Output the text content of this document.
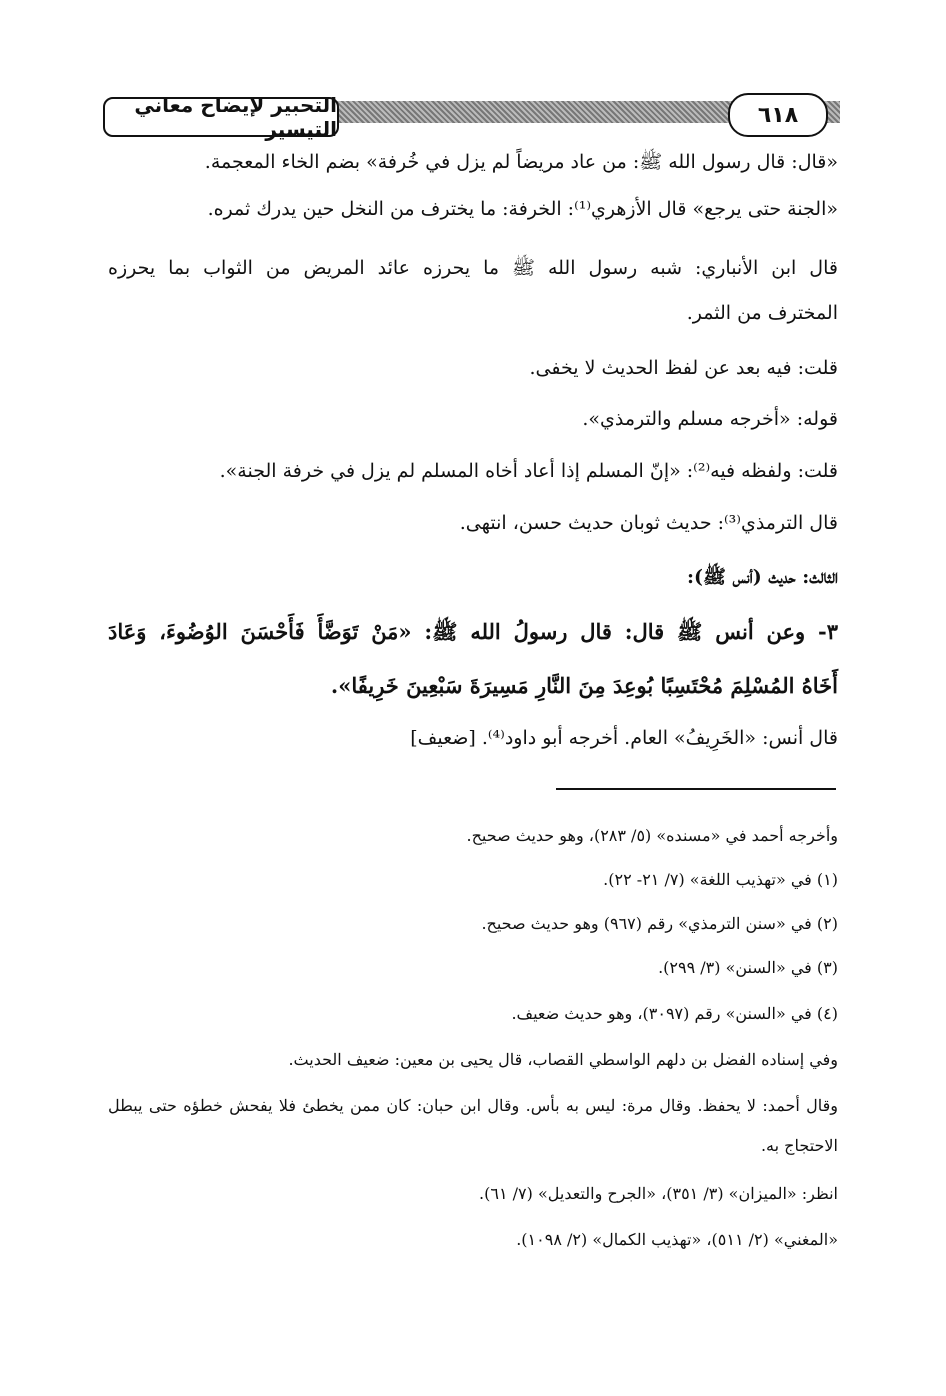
التحبير لإيضاح معاني التيسير
٦١٨
«قال: قال رسول الله ﷺ: من عاد مريضاً لم يزل في خُرفة» بضم الخاء المعجمة.
«الجنة حتى يرجع» قال الأزهري⁽¹⁾: الخرفة: ما يخترف من النخل حين يدرك ثمره.
قال ابن الأنباري: شبه رسول الله ﷺ ما يحرزه عائد المريض من الثواب بما يحرزه
المخترف من الثمر.
قلت: فيه بعد عن لفظ الحديث لا يخفى.
قوله: «أخرجه مسلم والترمذي».
قلت: ولفظه فيه⁽²⁾: «إنّ المسلم إذا أعاد أخاه المسلم لم يزل في خرفة الجنة».
قال الترمذي⁽³⁾: حديث ثوبان حديث حسن، انتهى.
الثالث: حديث (أنس ﷺ):
٣- وعن أنس ﷺ قال: قال رسولُ الله ﷺ: «مَنْ تَوَضَّأَ فَأَحْسَنَ الوُضُوءَ، وَعَادَ
أَخَاهُ المُسْلِمَ مُحْتَسِبًا بُوعِدَ مِنَ النَّارِ مَسِيرَةَ سَبْعِينَ خَرِيفًا».
قال أنس: «الخَرِيفُ» العام. أخرجه أبو داود⁽⁴⁾. [ضعيف]
وأخرجه أحمد في «مسنده» (٥/ ٢٨٣)، وهو حديث صحيح.
(١) في «تهذيب اللغة» (٧/ ٢١- ٢٢).
(٢) في «سنن الترمذي» رقم (٩٦٧) وهو حديث صحيح.
(٣) في «السنن» (٣/ ٢٩٩).
(٤) في «السنن» رقم (٣٠٩٧)، وهو حديث ضعيف.
وفي إسناده الفضل بن دلهم الواسطي القصاب، قال يحيى بن معين: ضعيف الحديث.
وقال أحمد: لا يحفظ. وقال مرة: ليس به بأس. وقال ابن حبان: كان ممن يخطئ فلا يفحش خطؤه حتى يبطل
الاحتجاج به.
انظر: «الميزان» (٣/ ٣٥١)، «الجرح والتعديل» (٧/ ٦١).
«المغني» (٢/ ٥١١)، «تهذيب الكمال» (٢/ ١٠٩٨).
